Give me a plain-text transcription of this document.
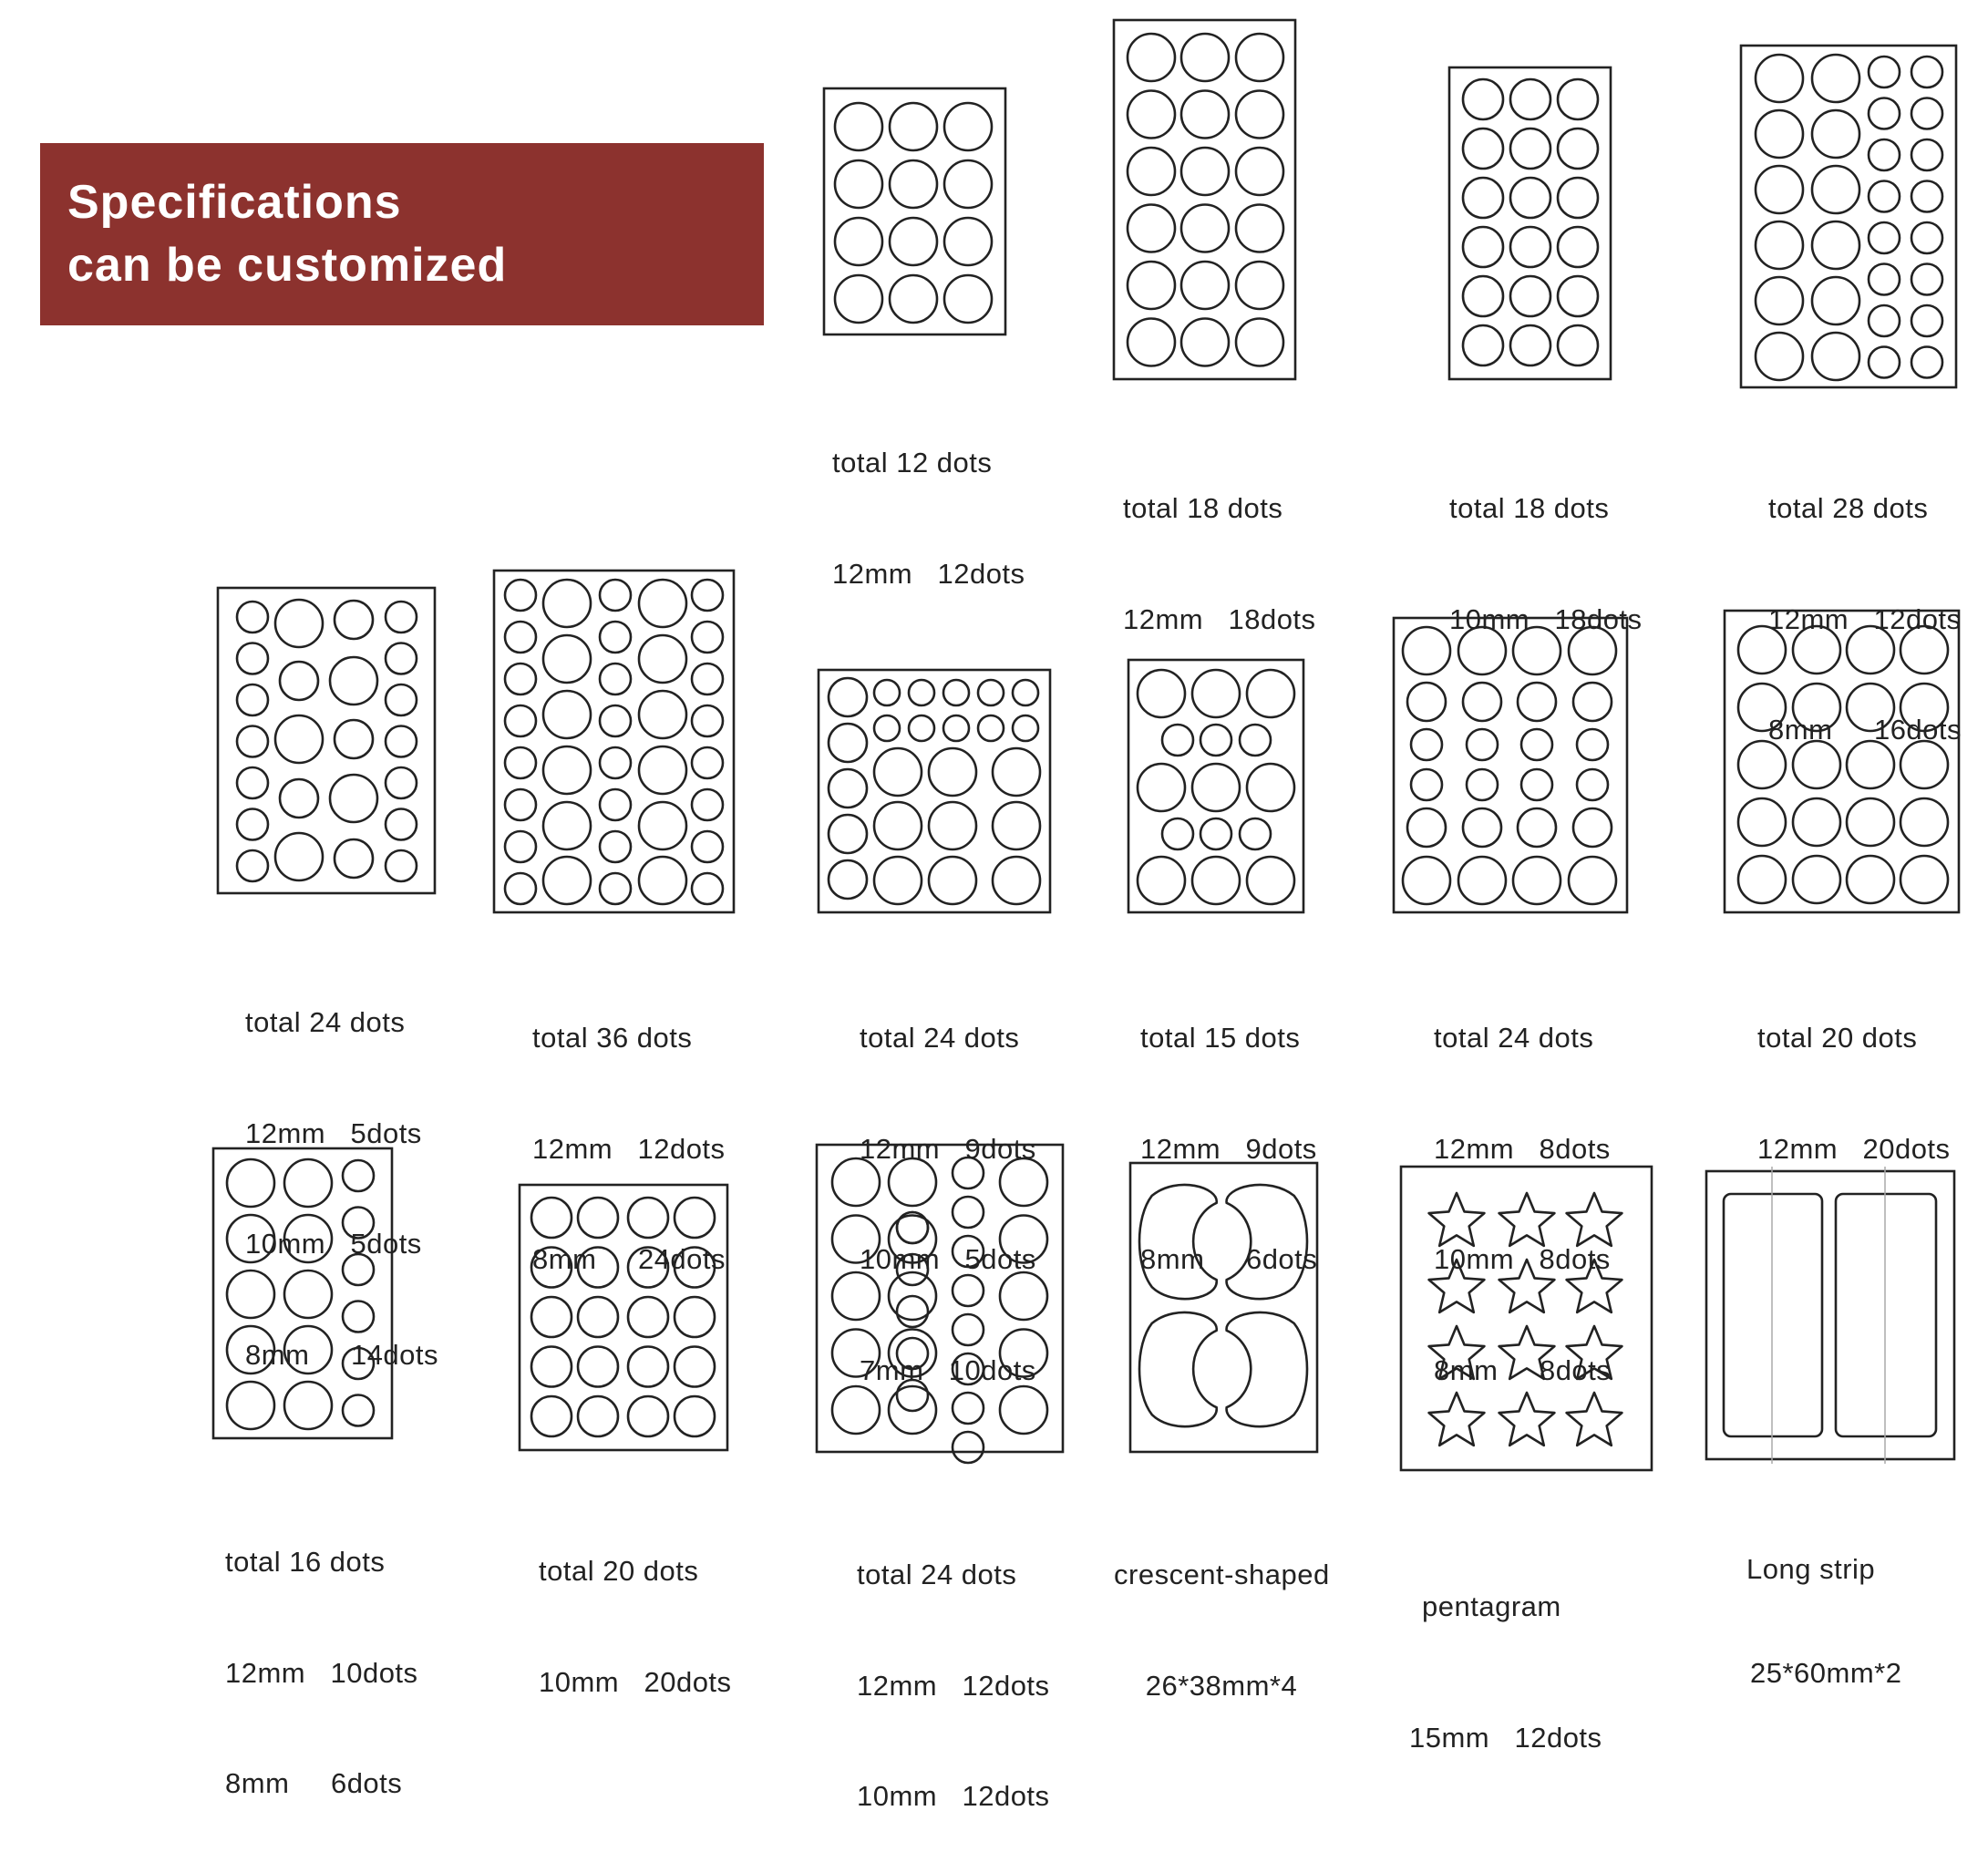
Specifications
can be customized

total 12 dots

12mm   12dots

total 18 dots

12mm   18dots

total 18 dots

10mm   18dots

total 28 dots

12mm   12dots

8mm     16dots

total 24 dots

12mm   5dots

10mm   5dots

8mm     14dots

total 36 dots

12mm   12dots

8mm     24dots

total 24 dots

12mm   9dots

10mm   5dots

7mm   10dots

total 15 dots

12mm   9dots

8mm     6dots

total 24 dots

12mm   8dots

10mm   8dots

8mm     8dots

total 20 dots

12mm   20dots

total 16 dots

12mm   10dots

8mm     6dots

total 20 dots

10mm   20dots

total 24 dots

12mm   12dots

10mm   12dots

crescent-shaped

26*38mm*4

pentagram

15mm   12dots

Long strip

25*60mm*2
